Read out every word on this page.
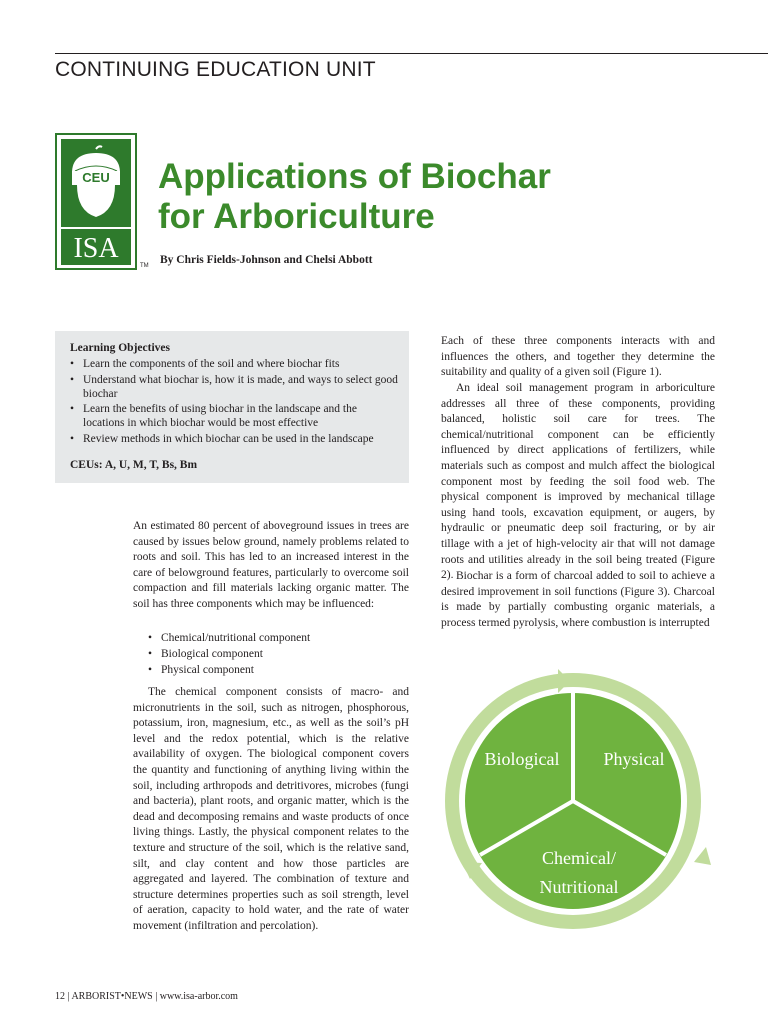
CONTINUING EDUCATION UNIT
CEU
ISA
TM
Applications of Biochar
for Arboriculture
By Chris Fields-Johnson and Chelsi Abbott
Learning Objectives
• Learn the components of the soil and where biochar fits
• Understand what biochar is, how it is made, and ways to select good biochar
• Learn the benefits of using biochar in the landscape and the locations in which biochar would be most effective
• Review methods in which biochar can be used in the landscape
CEUs: A, U, M, T, Bs, Bm

An estimated 80 percent of aboveground issues in trees are caused by issues below ground, namely problems related to roots and soil. This has led to an increased interest in the care of belowground features, particularly to overcome soil compaction and fill materials lacking organic matter. The soil has three components which may be influenced:

• Chemical/nutritional component
• Biological component
• Physical component

The chemical component consists of macro- and micronutrients in the soil, such as nitrogen, phosphorous, potassium, iron, magnesium, etc., as well as the soil’s pH level and the redox potential, which is the relative availability of oxygen. The biological component covers the quantity and functioning of anything living within the soil, including arthropods and detritivores, microbes (fungi and bacteria), plant roots, and organic matter, which is the dead and decomposing remains and waste products of once living things. Lastly, the physical component relates to the texture and structure of the soil, which is the relative sand, silt, and clay content and how those particles are aggregated and layered. The combination of texture and structure determines properties such as soil strength, level of aeration, capacity to hold water, and the rate of water movement (infiltration and percolation).

Each of these three components interacts with and influences the others, and together they determine the suitability and quality of a given soil (Figure 1).

An ideal soil management program in arboriculture addresses all three of these components, providing balanced, holistic soil care for trees. The chemical/nutritional component can be efficiently influenced by direct applications of fertilizers, while materials such as compost and mulch affect the biological component most by feeding the soil food web. The physical component is improved by mechanical tillage using hand tools, excavation equipment, or augers, by hydraulic or pneumatic deep soil fracturing, or by air tillage with a jet of high-velocity air that will not damage roots and utilities already in the soil being treated (Figure 2). Biochar is a form of charcoal added to soil to achieve a desired improvement in soil functions (Figure 3). Charcoal is made by partially combusting organic materials, a process termed pyrolysis, where combustion is interrupted

Biological Physical
Chemical/
Nutritional
12 | ARBORIST•NEWS | www.isa-arbor.com
